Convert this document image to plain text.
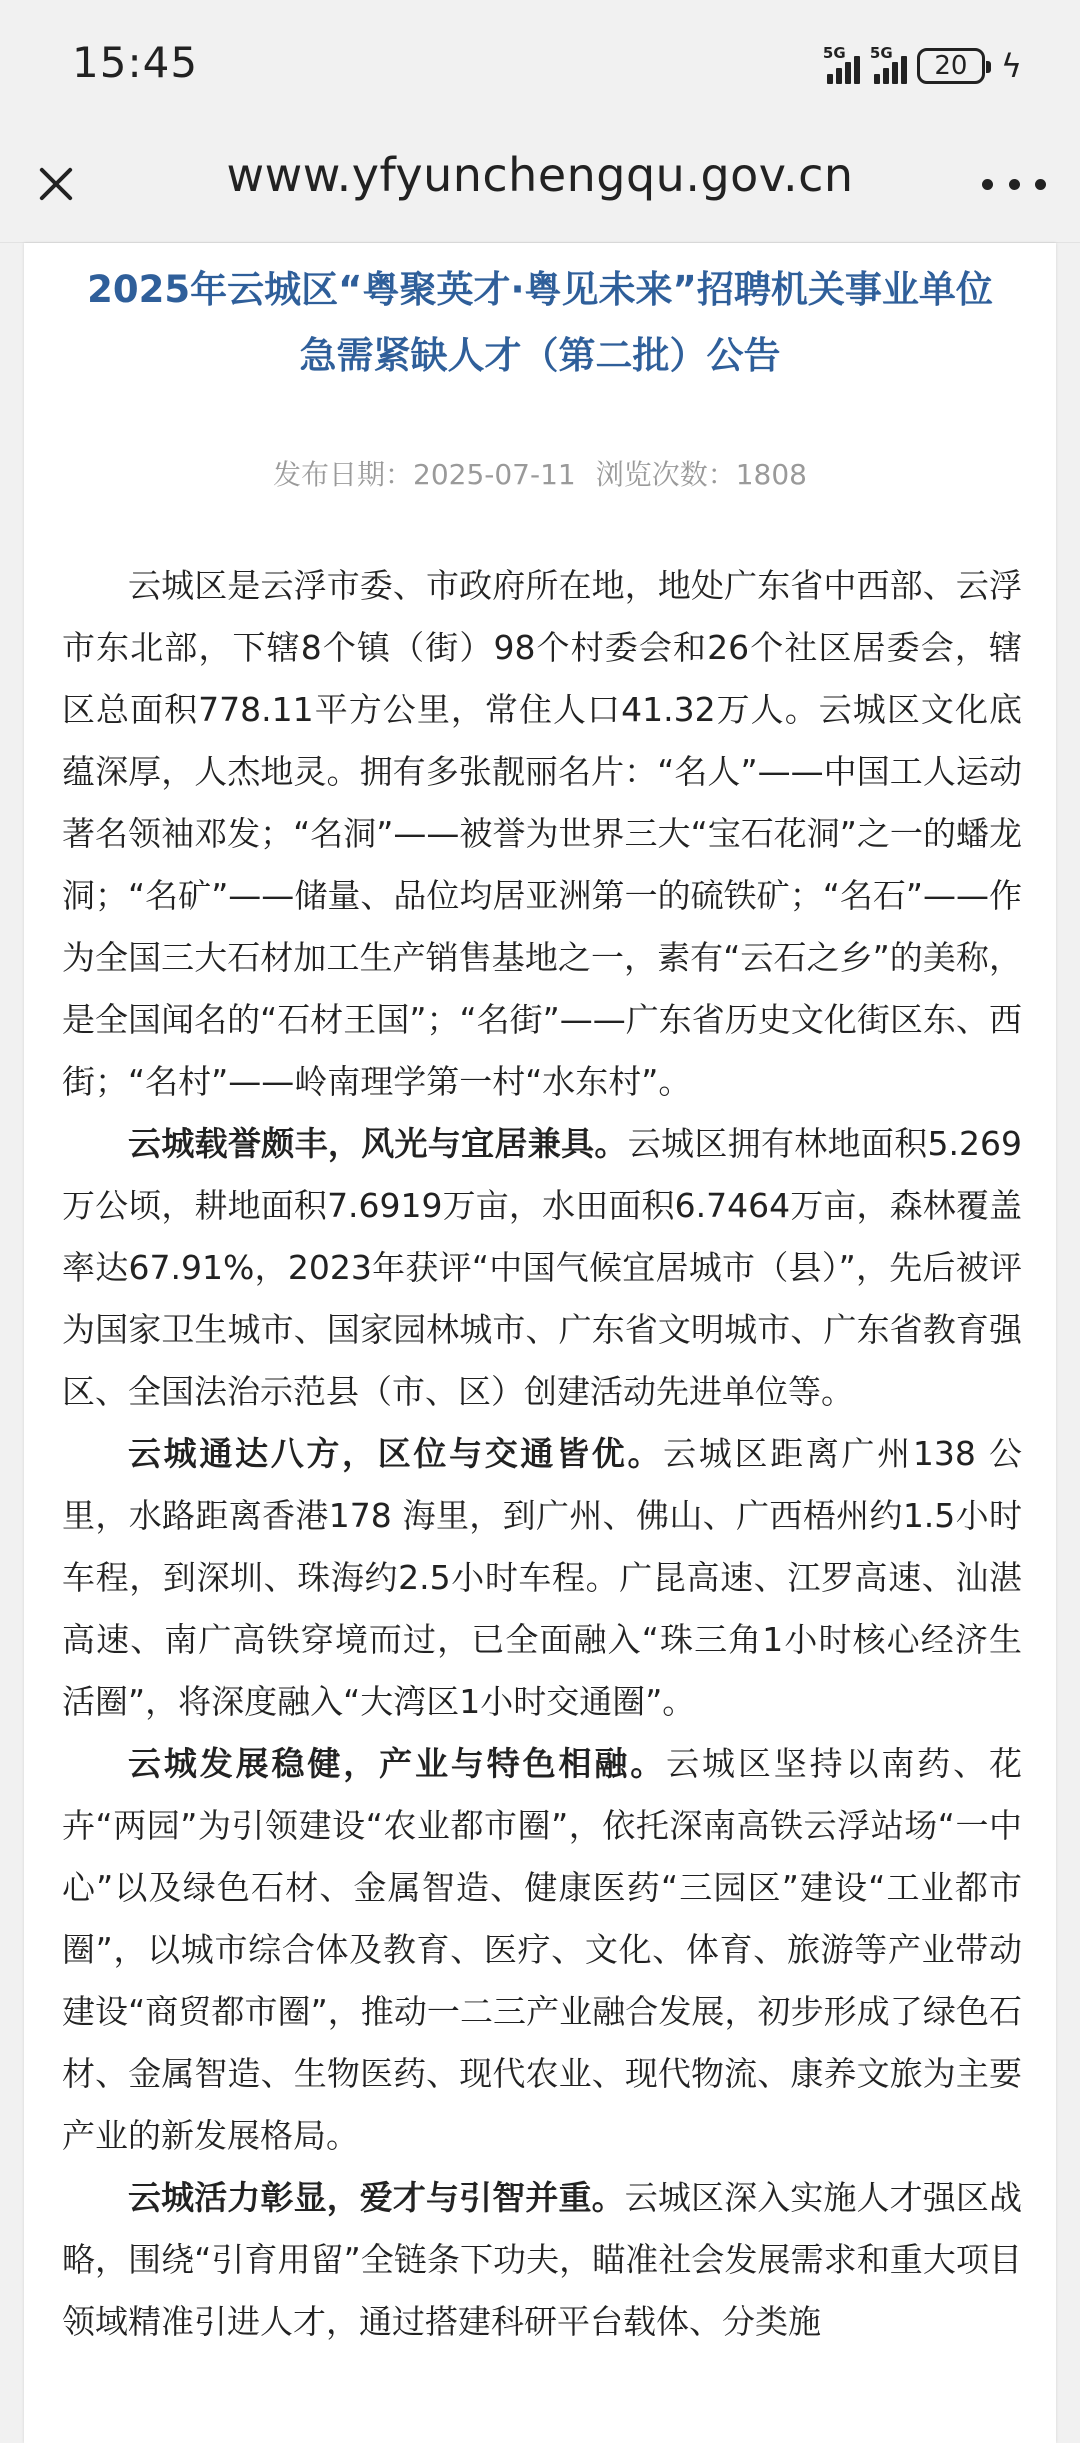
15:45	5G 5G 20 ϟ
www.yfyunchengqu.gov.cn
2025年云城区“粤聚英才·粤见未来”招聘机关事业单位
急需紧缺人才（第二批）公告
发布日期：2025-07-11 浏览次数：1808

云城区是云浮市委、市政府所在地，地处广东省中西部、云浮市东北部，下辖8个镇（街）98个村委会和26个社区居委会，辖区总面积778.11平方公里，常住人口41.32万人。云城区文化底蕴深厚，人杰地灵。拥有多张靓丽名片：“名人”——中国工人运动著名领袖邓发；“名洞”——被誉为世界三大“宝石花洞”之一的蟠龙洞；“名矿”——储量、品位均居亚洲第一的硫铁矿；“名石”——作为全国三大石材加工生产销售基地之一，素有“云石之乡”的美称，是全国闻名的“石材王国”；“名街”——广东省历史文化街区东、西街；“名村”——岭南理学第一村“水东村”。

云城载誉颇丰，风光与宜居兼具。云城区拥有林地面积5.269万公顷，耕地面积7.6919万亩，水田面积6.7464万亩，森林覆盖率达67.91%，2023年获评“中国气候宜居城市（县）”，先后被评为国家卫生城市、国家园林城市、广东省文明城市、广东省教育强区、全国法治示范县（市、区）创建活动先进单位等。

云城通达八方，区位与交通皆优。云城区距离广州138 公里，水路距离香港178 海里，到广州、佛山、广西梧州约1.5小时车程，到深圳、珠海约2.5小时车程。广昆高速、江罗高速、汕湛高速、南广高铁穿境而过，已全面融入“珠三角1小时核心经济生活圈”，将深度融入“大湾区1小时交通圈”。

云城发展稳健，产业与特色相融。云城区坚持以南药、花卉“两园”为引领建设“农业都市圈”，依托深南高铁云浮站场“一中心”以及绿色石材、金属智造、健康医药“三园区”建设“工业都市圈”，以城市综合体及教育、医疗、文化、体育、旅游等产业带动建设“商贸都市圈”，推动一二三产业融合发展，初步形成了绿色石材、金属智造、生物医药、现代农业、现代物流、康养文旅为主要产业的新发展格局。

云城活力彰显，爱才与引智并重。云城区深入实施人才强区战略，围绕“引育用留”全链条下功夫，瞄准社会发展需求和重大项目领域精准引进人才，通过搭建科研平台载体、分类施
